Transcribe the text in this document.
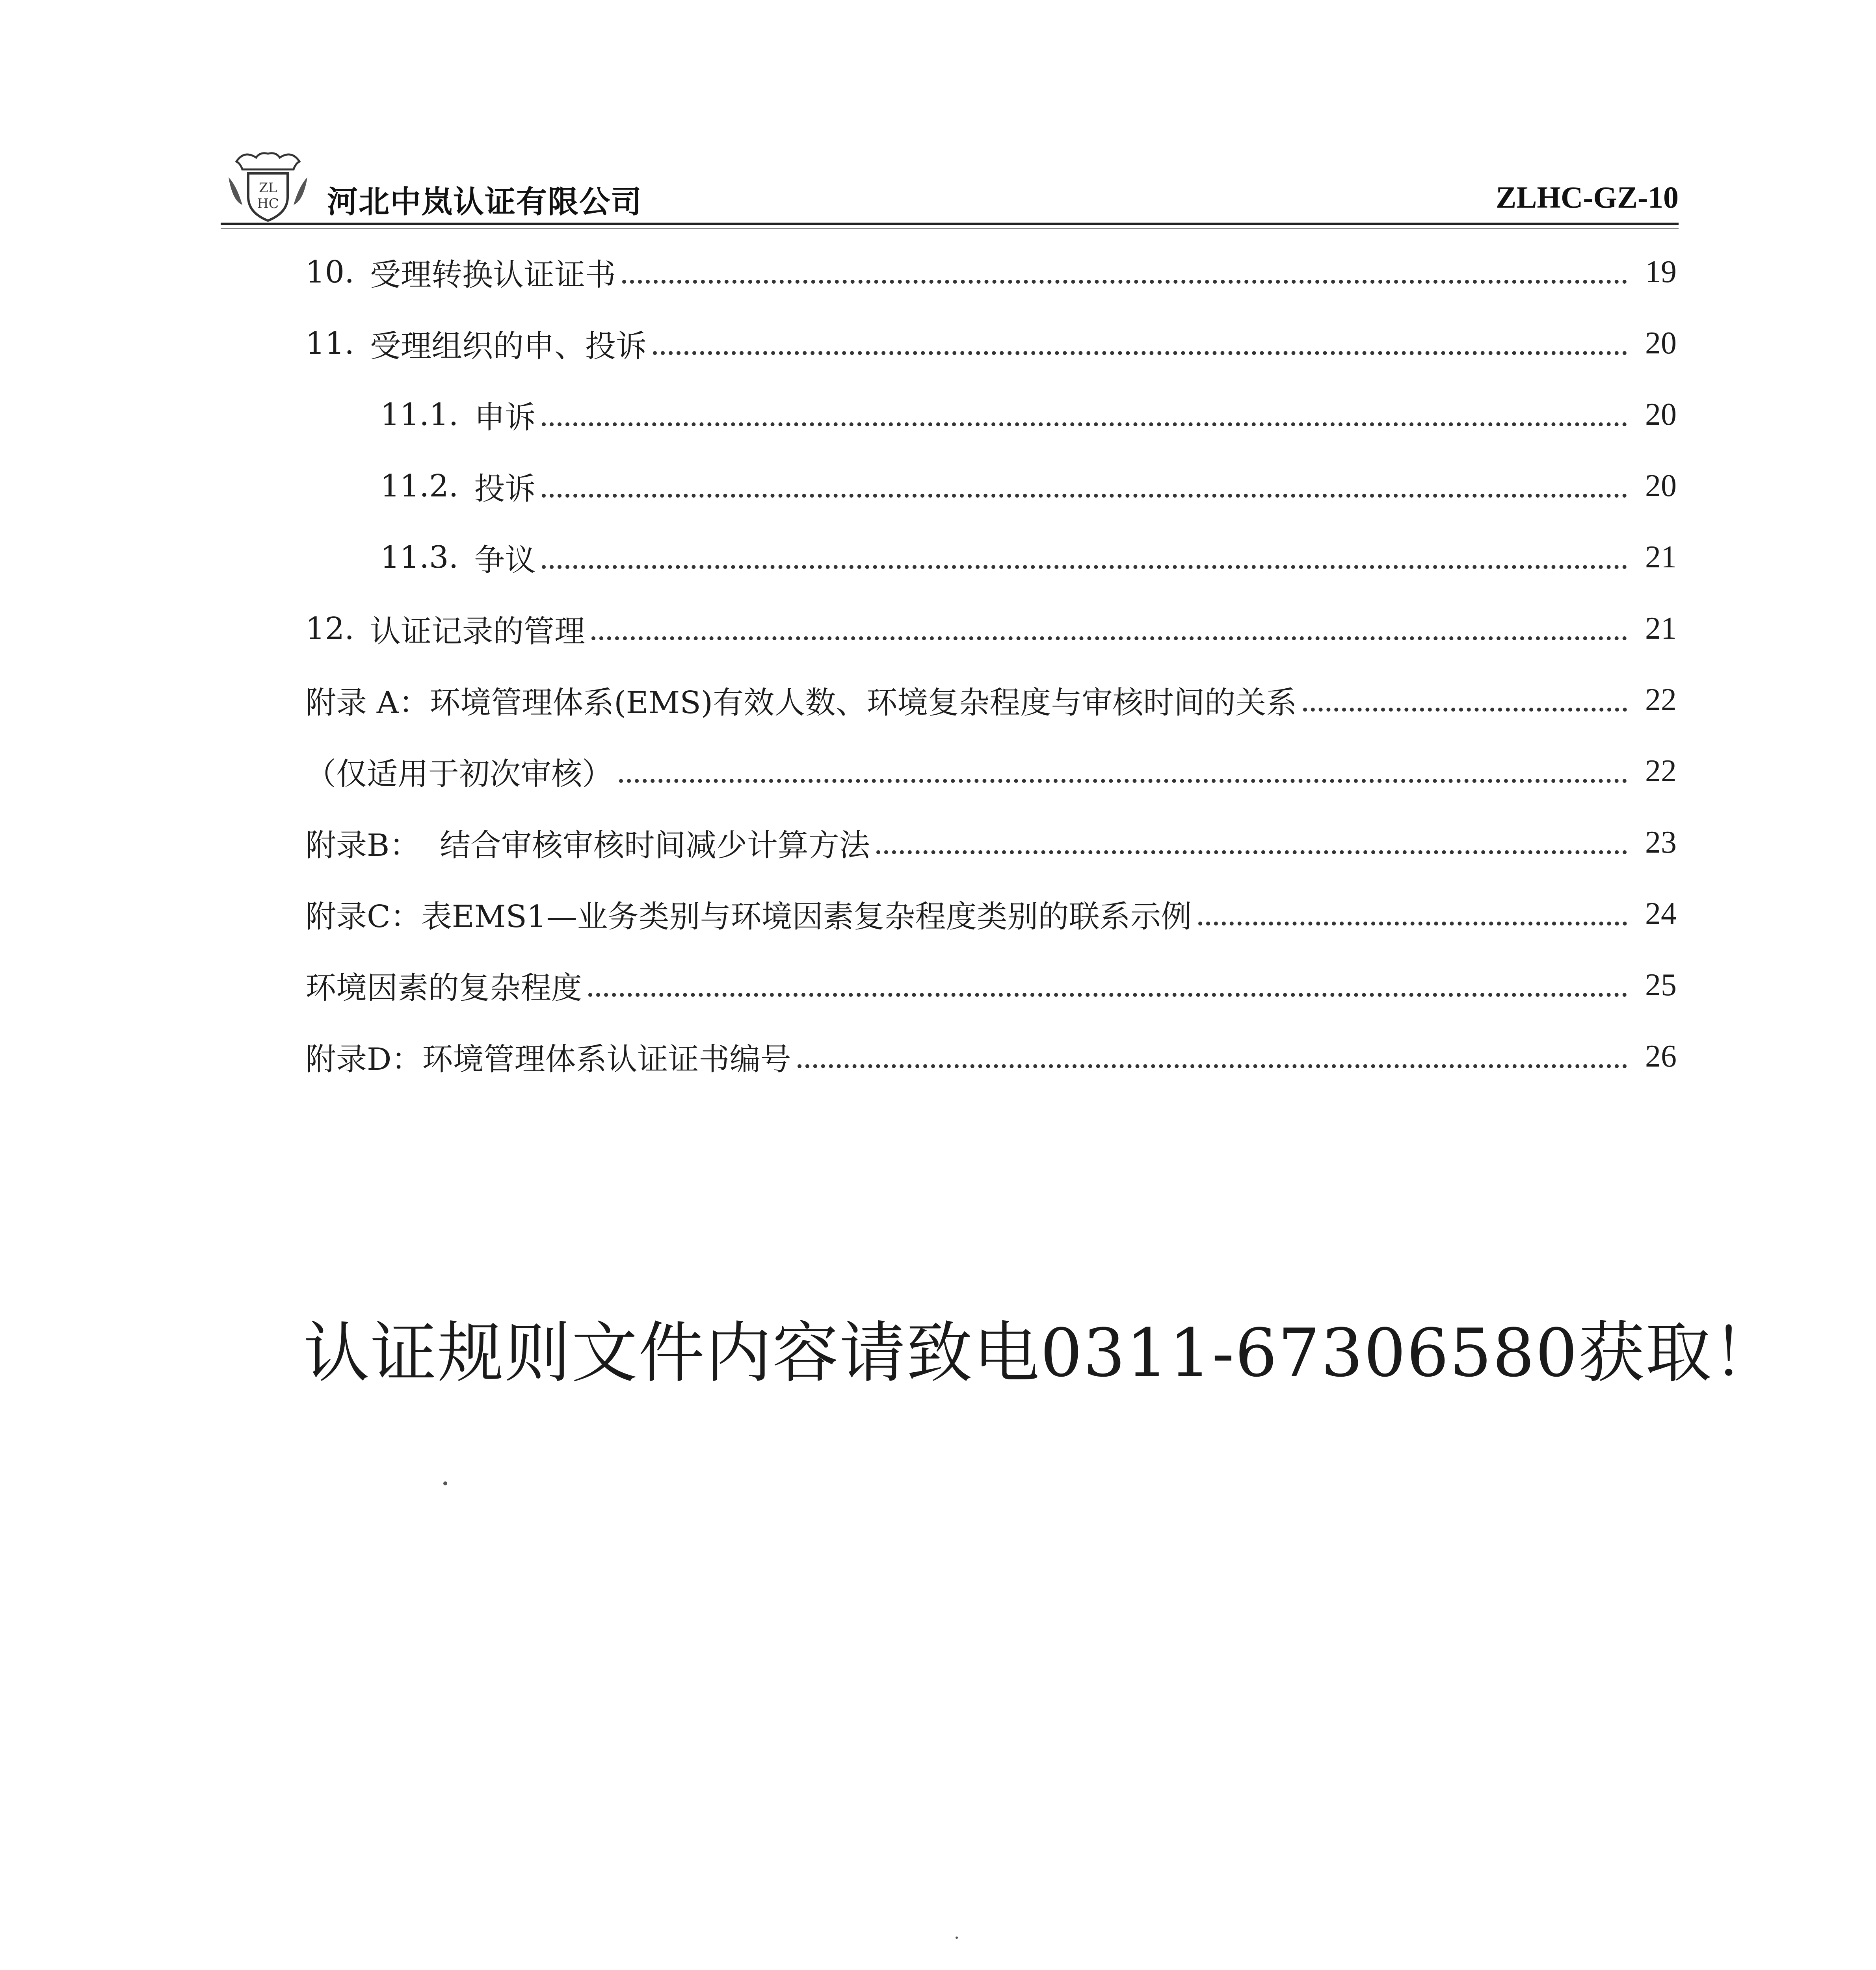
ZL
HC 河北中岚认证有限公司	ZLHC-GZ-10
10. 受理转换认证证书	19
11. 受理组织的申、投诉	20
11.1. 申诉	20
11.2. 投诉	20
11.3. 争议	21
12. 认证记录的管理	21
附录 A：环境管理体系(EMS)有效人数、环境复杂程度与审核时间的关系	22
（仅适用于初次审核）	22
附录B：  结合审核审核时间减少计算方法	23
附录C：表EMS1—业务类别与环境因素复杂程度类别的联系示例	24
环境因素的复杂程度	25
附录D：环境管理体系认证证书编号	26
认证规则文件内容请致电0311-67306580获取！
